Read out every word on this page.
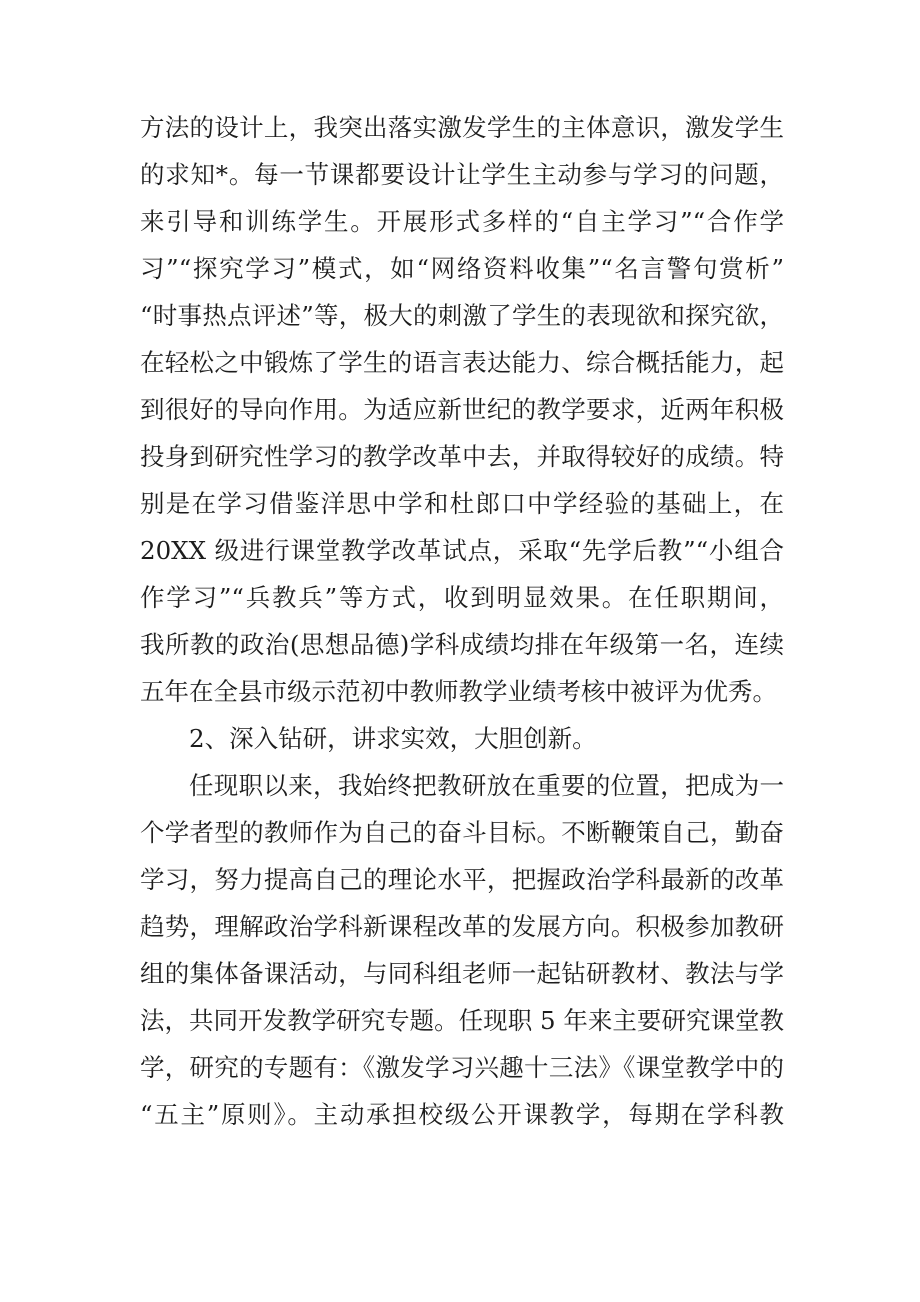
方法的设计上，我突出落实激发学生的主体意识，激发学生
的求知*。每一节课都要设计让学生主动参与学习的问题，
来引导和训练学生。开展形式多样的“自主学习”“合作学
习”“探究学习”模式，如“网络资料收集”“名言警句赏析”
“时事热点评述”等，极大的刺激了学生的表现欲和探究欲，
在轻松之中锻炼了学生的语言表达能力、综合概括能力，起
到很好的导向作用。为适应新世纪的教学要求，近两年积极
投身到研究性学习的教学改革中去，并取得较好的成绩。特
别是在学习借鉴洋思中学和杜郎口中学经验的基础上，在
20XX 级进行课堂教学改革试点，采取“先学后教”“小组合
作学习”“兵教兵”等方式，收到明显效果。在任职期间，
我所教的政治(思想品德)学科成绩均排在年级第一名，连续
五年在全县市级示范初中教师教学业绩考核中被评为优秀。
2、深入钻研，讲求实效，大胆创新。
任现职以来，我始终把教研放在重要的位置，把成为一
个学者型的教师作为自己的奋斗目标。不断鞭策自己，勤奋
学习，努力提高自己的理论水平，把握政治学科最新的改革
趋势，理解政治学科新课程改革的发展方向。积极参加教研
组的集体备课活动，与同科组老师一起钻研教材、教法与学
法，共同开发教学研究专题。任现职 5 年来主要研究课堂教
学，研究的专题有：《激发学习兴趣十三法》《课堂教学中的
“五主”原则》。主动承担校级公开课教学，每期在学科教
